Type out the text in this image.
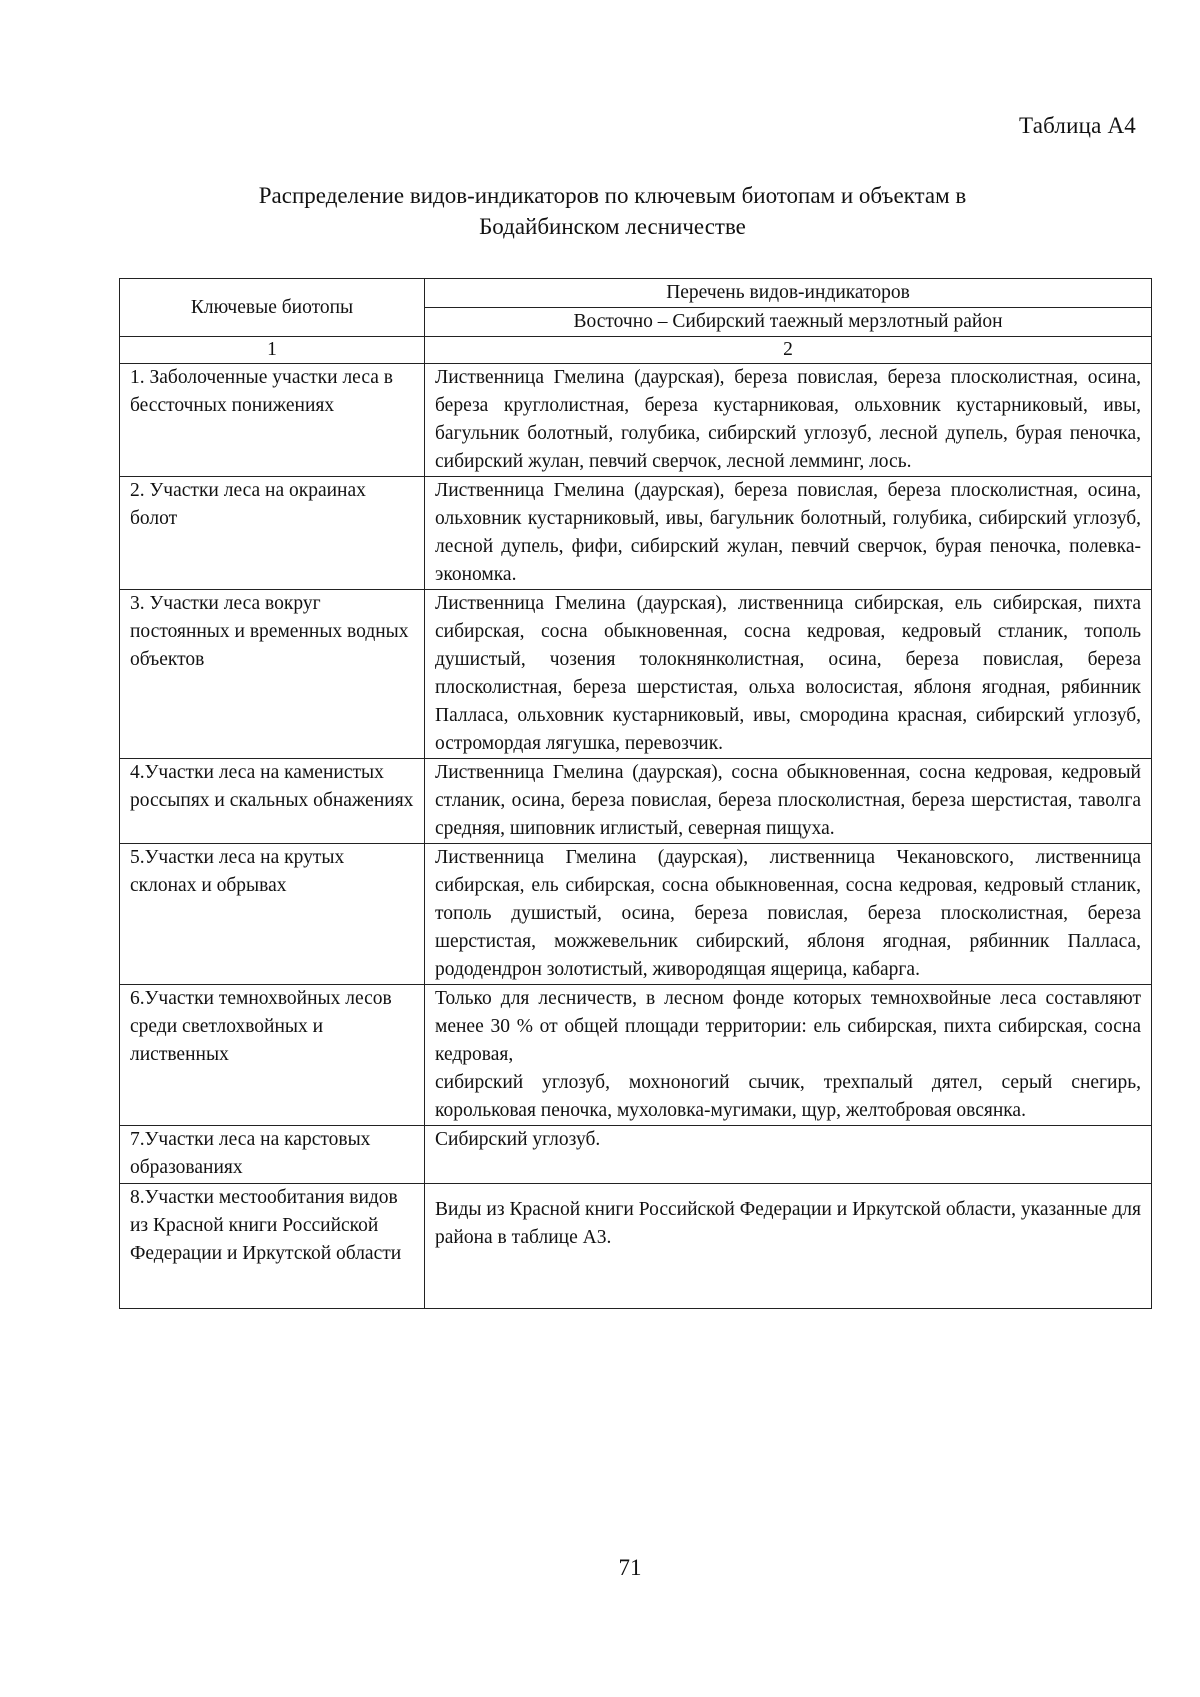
Таблица А4
Распределение видов-индикаторов по ключевым биотопам и объектам в
Бодайбинском лесничестве
Ключевые биотопы	Перечень видов-индикаторов
	Восточно – Сибирский таежный мерзлотный район
1	2
1. Заболоченные участки леса в бессточных понижениях	Лиственница Гмелина (даурская), береза повислая, береза плосколистная, осина, береза круглолистная, береза кустарниковая, ольховник кустарниковый, ивы, багульник болотный, голубика, сибирский углозуб, лесной дупель, бурая пеночка, сибирский жулан, певчий сверчок, лесной лемминг, лось.
2. Участки леса на окраинах болот	Лиственница Гмелина (даурская), береза повислая, береза плосколистная, осина, ольховник кустарниковый, ивы, багульник болотный, голубика, сибирский углозуб, лесной дупель, фифи, сибирский жулан, певчий сверчок, бурая пеночка, полевка-экономка.
3. Участки леса вокруг постоянных и временных водных объектов	Лиственница Гмелина (даурская), лиственница сибирская, ель сибирская, пихта сибирская, сосна обыкновенная, сосна кедровая, кедровый стланик, тополь душистый, чозения толокнянколистная, осина, береза повислая, береза плосколистная, береза шерстистая, ольха волосистая, яблоня ягодная, рябинник Палласа, ольховник кустарниковый, ивы, смородина красная, сибирский углозуб, остромордая лягушка, перевозчик.
4.Участки леса на каменистых россыпях и скальных обнажениях	Лиственница Гмелина (даурская), сосна обыкновенная, сосна кедровая, кедровый стланик, осина, береза повислая, береза плосколистная, береза шерстистая, таволга средняя, шиповник иглистый, северная пищуха.
5.Участки леса на крутых склонах и обрывах	Лиственница Гмелина (даурская), лиственница Чекановского, лиственница сибирская, ель сибирская, сосна обыкновенная, сосна кедровая, кедровый стланик, тополь душистый, осина, береза повислая, береза плосколистная, береза шерстистая, можжевельник сибирский, яблоня ягодная, рябинник Палласа, рододендрон золотистый, живородящая ящерица, кабарга.
6.Участки темнохвойных лесов среди светлохвойных и лиственных	Только для лесничеств, в лесном фонде которых темнохвойные леса составляют менее 30 % от общей площади территории: ель сибирская, пихта сибирская, сосна кедровая,
сибирский углозуб, мохноногий сычик, трехпалый дятел, серый снегирь, корольковая пеночка, мухоловка-мугимаки, щур, желтобровая овсянка.

7.Участки леса на карстовых образованиях	Сибирский углозуб.
8.Участки местообитания видов из Красной книги Российской Федерации и Иркутской области	Виды из Красной книги Российской Федерации и Иркутской области, указанные для района в таблице А3.
71
